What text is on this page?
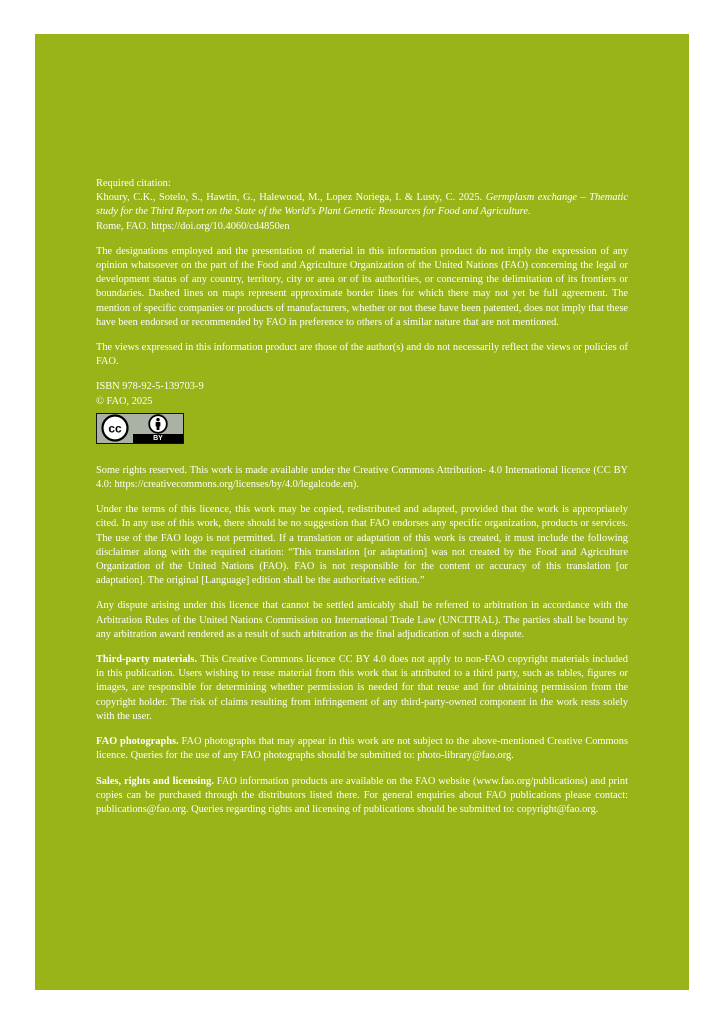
Required citation:

Khoury, C.K., Sotelo, S., Hawtin, G., Halewood, M., Lopez Noriega, I. & Lusty, C. 2025. Germplasm exchange – Thematic study for the Third Report on the State of the World's Plant Genetic Resources for Food and Agriculture.
Rome, FAO. https://doi.org/10.4060/cd4850en

The designations employed and the presentation of material in this information product do not imply the expression of any opinion whatsoever on the part of the Food and Agriculture Organization of the United Nations (FAO) concerning the legal or development status of any country, territory, city or area or of its authorities, or concerning the delimitation of its frontiers or boundaries. Dashed lines on maps represent approximate border lines for which there may not yet be full agreement. The mention of specific companies or products of manufacturers, whether or not these have been patented, does not imply that these have been endorsed or recommended by FAO in preference to others of a similar nature that are not mentioned.

The views expressed in this information product are those of the author(s) and do not necessarily reflect the views or policies of FAO.

ISBN 978-92-5-139703-9

© FAO, 2025

cc
BY

Some rights reserved. This work is made available under the Creative Commons Attribution- 4.0 International licence (CC BY 4.0: https://creativecommons.org/licenses/by/4.0/legalcode.en).

Under the terms of this licence, this work may be copied, redistributed and adapted, provided that the work is appropriately cited. In any use of this work, there should be no suggestion that FAO endorses any specific organization, products or services. The use of the FAO logo is not permitted. If a translation or adaptation of this work is created, it must include the following disclaimer along with the required citation: “This translation [or adaptation] was not created by the Food and Agriculture Organization of the United Nations (FAO). FAO is not responsible for the content or accuracy of this translation [or adaptation]. The original [Language] edition shall be the authoritative edition.”

Any dispute arising under this licence that cannot be settled amicably shall be referred to arbitration in accordance with the Arbitration Rules of the United Nations Commission on International Trade Law (UNCITRAL). The parties shall be bound by any arbitration award rendered as a result of such arbitration as the final adjudication of such a dispute.

Third-party materials. This Creative Commons licence CC BY 4.0 does not apply to non-FAO copyright materials included in this publication. Users wishing to reuse material from this work that is attributed to a third party, such as tables, figures or images, are responsible for determining whether permission is needed for that reuse and for obtaining permission from the copyright holder. The risk of claims resulting from infringement of any third-party-owned component in the work rests solely with the user.

FAO photographs. FAO photographs that may appear in this work are not subject to the above-mentioned Creative Commons licence. Queries for the use of any FAO photographs should be submitted to: photo-library@fao.org.

Sales, rights and licensing. FAO information products are available on the FAO website (www.fao.org/publications) and print copies can be purchased through the distributors listed there. For general enquiries about FAO publications please contact: publications@fao.org. Queries regarding rights and licensing of publications should be submitted to: copyright@fao.org.
